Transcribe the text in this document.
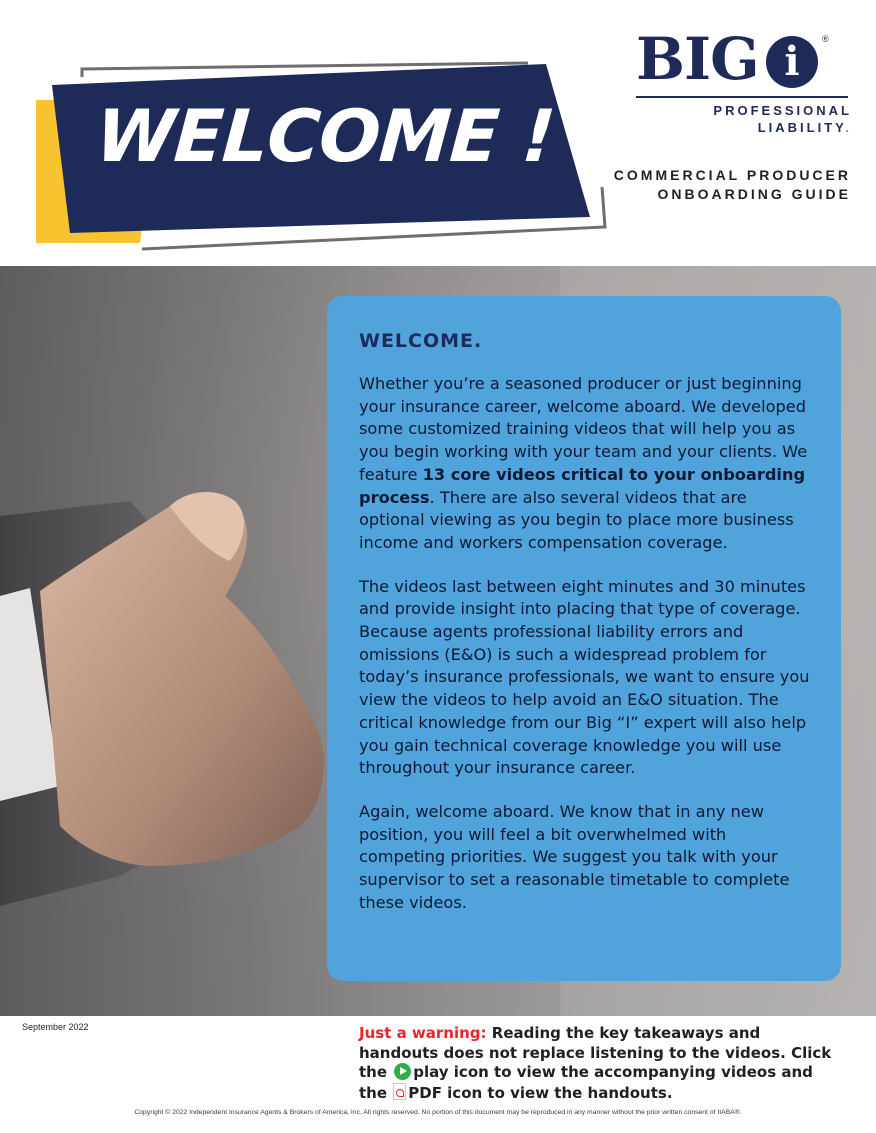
WELCOME !
BIG i	®
PROFESSIONAL
LIABILITY.
COMMERCIAL PRODUCER
ONBOARDING GUIDE
WELCOME.

Whether you’re a seasoned producer or just beginning your insurance career, welcome aboard. We developed some customized training videos that will help you as you begin working with your team and your clients. We feature 13 core videos critical to your onboarding process. There are also several videos that are optional viewing as you begin to place more business income and workers compensation coverage.

The videos last between eight minutes and 30 minutes and provide insight into placing that type of coverage. Because agents professional liability errors and omissions (E&O) is such a widespread problem for today’s insurance professionals, we want to ensure you view the videos to help avoid an E&O situation. The critical knowledge from our Big “I” expert will also help you gain technical coverage knowledge you will use throughout your insurance career.

Again, welcome aboard. We know that in any new position, you will feel a bit overwhelmed with competing priorities. We suggest you talk with your supervisor to set a reasonable timetable to complete these videos.

September 2022	Just a warning: Reading the key takeaways and handouts does not replace listening to the videos. Click the play icon to view the accompanying videos and the PDF icon to view the handouts.
Copyright © 2022 Independent Insurance Agents & Brokers of America, Inc. All rights reserved. No portion of this document may be reproduced in any manner without the prior written consent of IIABA®.
